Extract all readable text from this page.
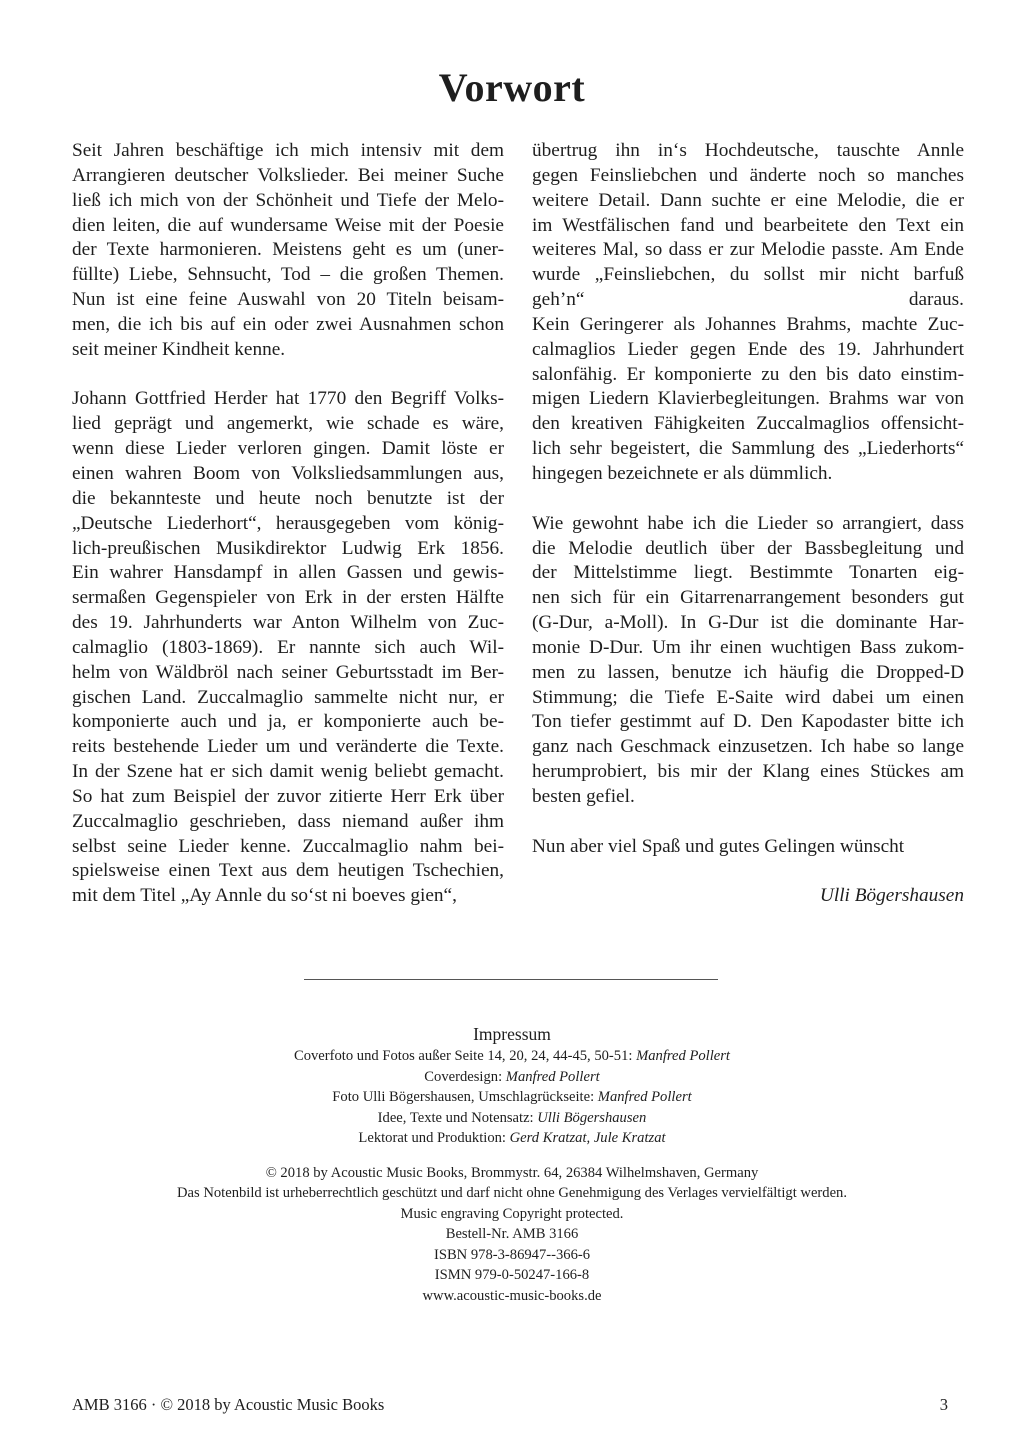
Vorwort
Seit Jahren beschäftige ich mich intensiv mit dem
Arrangieren deutscher Volkslieder. Bei meiner Suche
ließ ich mich von der Schönheit und Tiefe der Melo-
dien leiten, die auf wundersame Weise mit der Poesie
der Texte harmonieren. Meistens geht es um (uner-
füllte) Liebe, Sehnsucht, Tod – die großen Themen.
Nun ist eine feine Auswahl von 20 Titeln beisam-
men, die ich bis auf ein oder zwei Ausnahmen schon
seit meiner Kindheit kenne.
Johann Gottfried Herder hat 1770 den Begriff Volks-
lied geprägt und angemerkt, wie schade es wäre,
wenn diese Lieder verloren gingen. Damit löste er
einen wahren Boom von Volksliedsammlungen aus,
die bekannteste und heute noch benutzte ist der
„Deutsche Liederhort“, herausgegeben vom könig-
lich-preußischen Musikdirektor Ludwig Erk 1856.
Ein wahrer Hansdampf in allen Gassen und gewis-
sermaßen Gegenspieler von Erk in der ersten Hälfte
des 19. Jahrhunderts war Anton Wilhelm von Zuc-
calmaglio (1803-1869). Er nannte sich auch Wil-
helm von Wäldbröl nach seiner Geburtsstadt im Ber-
gischen Land. Zuccalmaglio sammelte nicht nur, er
komponierte auch und ja, er komponierte auch be-
reits bestehende Lieder um und veränderte die Texte.
In der Szene hat er sich damit wenig beliebt gemacht.
So hat zum Beispiel der zuvor zitierte Herr Erk über
Zuccalmaglio geschrieben, dass niemand außer ihm
selbst seine Lieder kenne. Zuccalmaglio nahm bei-
spielsweise einen Text aus dem heutigen Tschechien,
mit dem Titel „Ay Annle du so‘st ni boeves gien“,
übertrug ihn in‘s Hochdeutsche, tauschte Annle
gegen Feinsliebchen und änderte noch so manches
weitere Detail. Dann suchte er eine Melodie, die er
im Westfälischen fand und bearbeitete den Text ein
weiteres Mal, so dass er zur Melodie passte. Am Ende
wurde „Feinsliebchen, du sollst mir nicht barfuß
geh’n“ daraus.
Kein Geringerer als Johannes Brahms, machte Zuc-
calmaglios Lieder gegen Ende des 19. Jahrhundert
salonfähig. Er komponierte zu den bis dato einstim-
migen Liedern Klavierbegleitungen. Brahms war von
den kreativen Fähigkeiten Zuccalmaglios offensicht-
lich sehr begeistert, die Sammlung des „Liederhorts“
hingegen bezeichnete er als dümmlich.
Wie gewohnt habe ich die Lieder so arrangiert, dass
die Melodie deutlich über der Bassbegleitung und
der Mittelstimme liegt. Bestimmte Tonarten eig-
nen sich für ein Gitarrenarrangement besonders gut
(G-Dur, a-Moll). In G-Dur ist die dominante Har-
monie D-Dur. Um ihr einen wuchtigen Bass zukom-
men zu lassen, benutze ich häufig die Dropped-D
Stimmung; die Tiefe E-Saite wird dabei um einen
Ton tiefer gestimmt auf D. Den Kapodaster bitte ich
ganz nach Geschmack einzusetzen. Ich habe so lange
herumprobiert, bis mir der Klang eines Stückes am
besten gefiel.
Nun aber viel Spaß und gutes Gelingen wünscht
Ulli Bögershausen
Impressum
Coverfoto und Fotos außer Seite 14, 20, 24, 44-45, 50-51: Manfred Pollert
Coverdesign: Manfred Pollert
Foto Ulli Bögershausen, Umschlagrückseite: Manfred Pollert
Idee, Texte und Notensatz: Ulli Bögershausen
Lektorat und Produktion: Gerd Kratzat, Jule Kratzat
© 2018 by Acoustic Music Books, Brommystr. 64, 26384 Wilhelmshaven, Germany
Das Notenbild ist urheberrechtlich geschützt und darf nicht ohne Genehmigung des Verlages vervielfältigt werden.
Music engraving Copyright protected.
Bestell-Nr. AMB 3166
ISBN 978-3-86947--366-6
ISMN 979-0-50247-166-8
www.acoustic-music-books.de
AMB 3166 · © 2018 by Acoustic Music Books	3
